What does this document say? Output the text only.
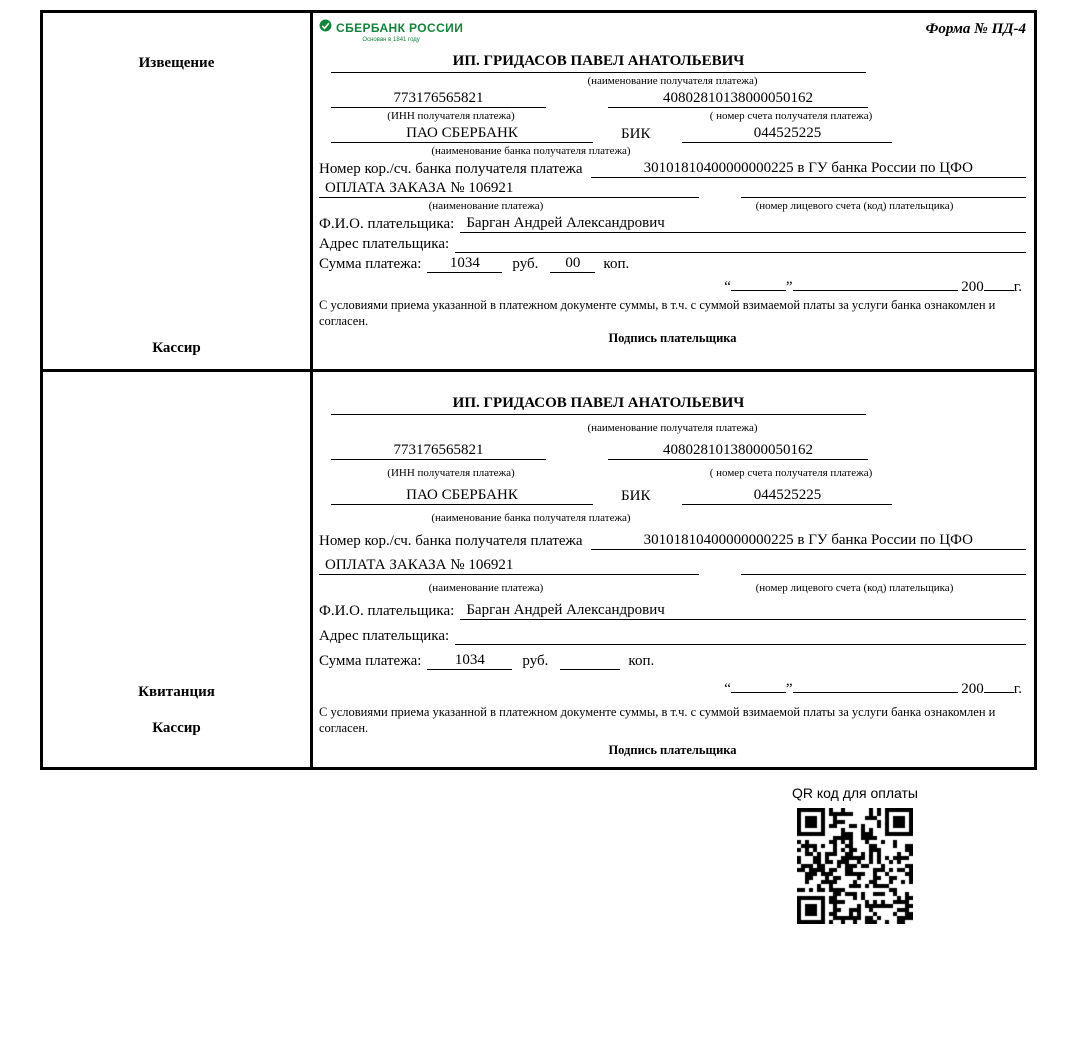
Извещение
Кассир
СБЕРБАНК РОССИИ
Основан в 1841 году
Форма № ПД-4
ИП. ГРИДАСОВ ПАВЕЛ АНАТОЛЬЕВИЧ
(наименование получателя платежа)
773176565821	40802810138000050162
(ИНН получателя платежа)	( номер счета получателя платежа)
ПАО СБЕРБАНК	БИК	044525225
(наименование банка получателя платежа)
Номер кор./сч. банка получателя платежа	30101810400000000225 в ГУ банка России по ЦФО
ОПЛАТА ЗАКАЗА № 106921
(наименование платежа)	(номер лицевого счета (код) плательщика)
Ф.И.О. плательщика: Барган Андрей Александрович
Адрес плательщика:
Сумма платежа:	1034	руб.	00	коп.
“	”	200 г.
С условиями приема указанной в платежном документе суммы, в т.ч. с суммой взимаемой платы за услуги банка ознакомлен и согласен.
Подпись плательщика
Квитанция
Кассир
ИП. ГРИДАСОВ ПАВЕЛ АНАТОЛЬЕВИЧ
(наименование получателя платежа)
773176565821	40802810138000050162
(ИНН получателя платежа)	( номер счета получателя платежа)
ПАО СБЕРБАНК	БИК	044525225
(наименование банка получателя платежа)
Номер кор./сч. банка получателя платежа	30101810400000000225 в ГУ банка России по ЦФО
ОПЛАТА ЗАКАЗА № 106921
(наименование платежа)	(номер лицевого счета (код) плательщика)
Ф.И.О. плательщика: Барган Андрей Александрович
Адрес плательщика:
Сумма платежа:	1034	руб.	коп.
“	”	200 г.
С условиями приема указанной в платежном документе суммы, в т.ч. с суммой взимаемой платы за услуги банка ознакомлен и согласен.
Подпись плательщика
QR код для оплаты
